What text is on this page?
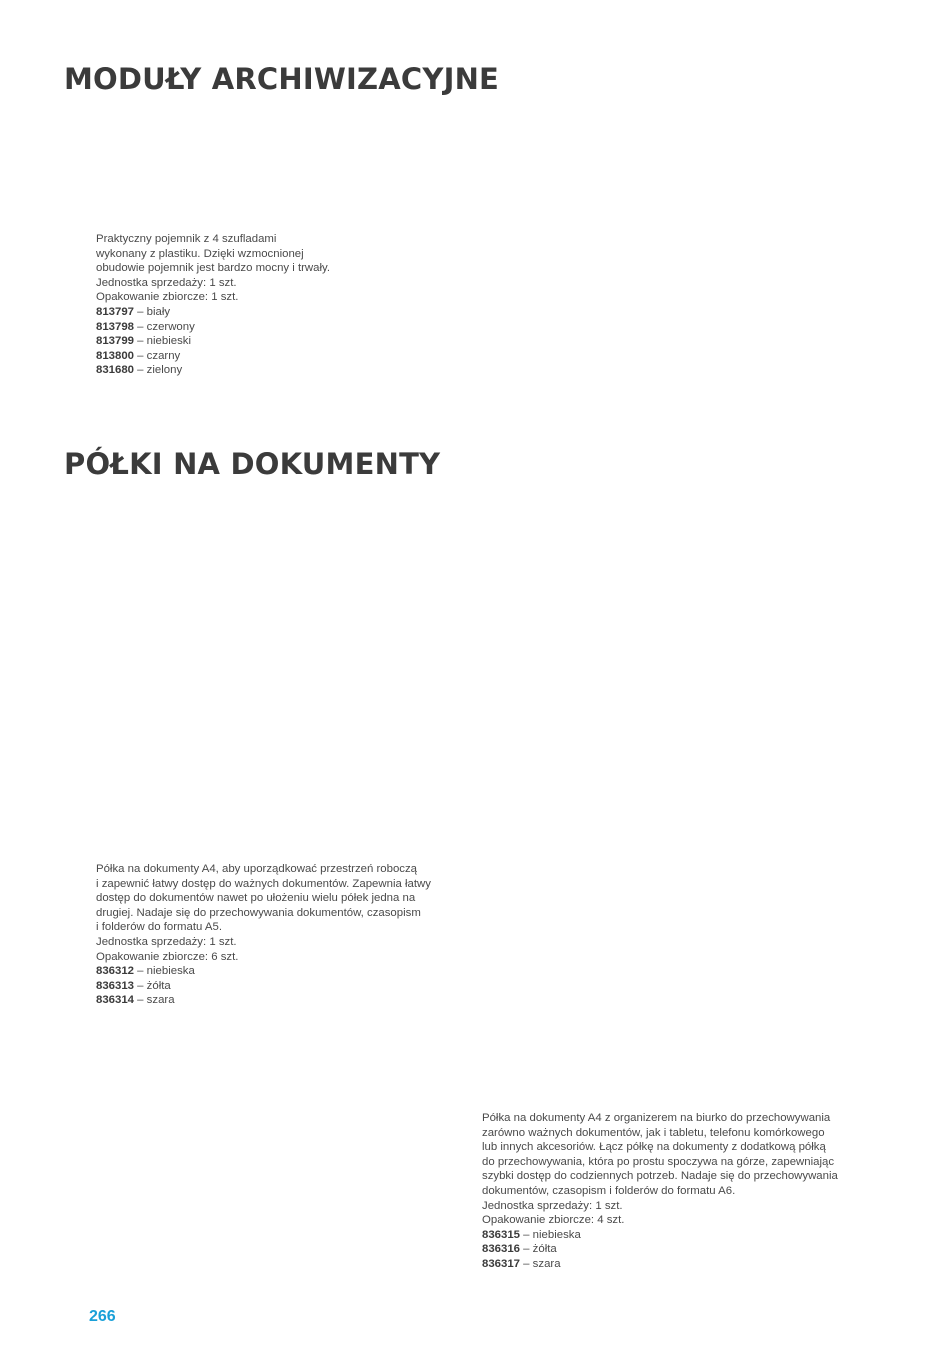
MODUŁY ARCHIWIZACYJNE
Praktyczny pojemnik z 4 szufladami
wykonany z plastiku. Dzięki wzmocnionej
obudowie pojemnik jest bardzo mocny i trwały.
Jednostka sprzedaży: 1 szt.
Opakowanie zbiorcze: 1 szt.
813797 – biały
813798 – czerwony
813799 – niebieski
813800 – czarny
831680 – zielony
PÓŁKI NA DOKUMENTY
Półka na dokumenty A4, aby uporządkować przestrzeń roboczą
i zapewnić łatwy dostęp do ważnych dokumentów. Zapewnia łatwy
dostęp do dokumentów nawet po ułożeniu wielu półek jedna na
drugiej. Nadaje się do przechowywania dokumentów, czasopism
i folderów do formatu A5.
Jednostka sprzedaży: 1 szt.
Opakowanie zbiorcze: 6 szt.
836312 – niebieska
836313 – żółta
836314 – szara
Półka na dokumenty A4 z organizerem na biurko do przechowywania
zarówno ważnych dokumentów, jak i tabletu, telefonu komórkowego
lub innych akcesoriów. Łącz półkę na dokumenty z dodatkową półką
do przechowywania, która po prostu spoczywa na górze, zapewniając
szybki dostęp do codziennych potrzeb. Nadaje się do przechowywania
dokumentów, czasopism i folderów do formatu A6.
Jednostka sprzedaży: 1 szt.
Opakowanie zbiorcze: 4 szt.
836315 – niebieska
836316 – żółta
836317 – szara
266
